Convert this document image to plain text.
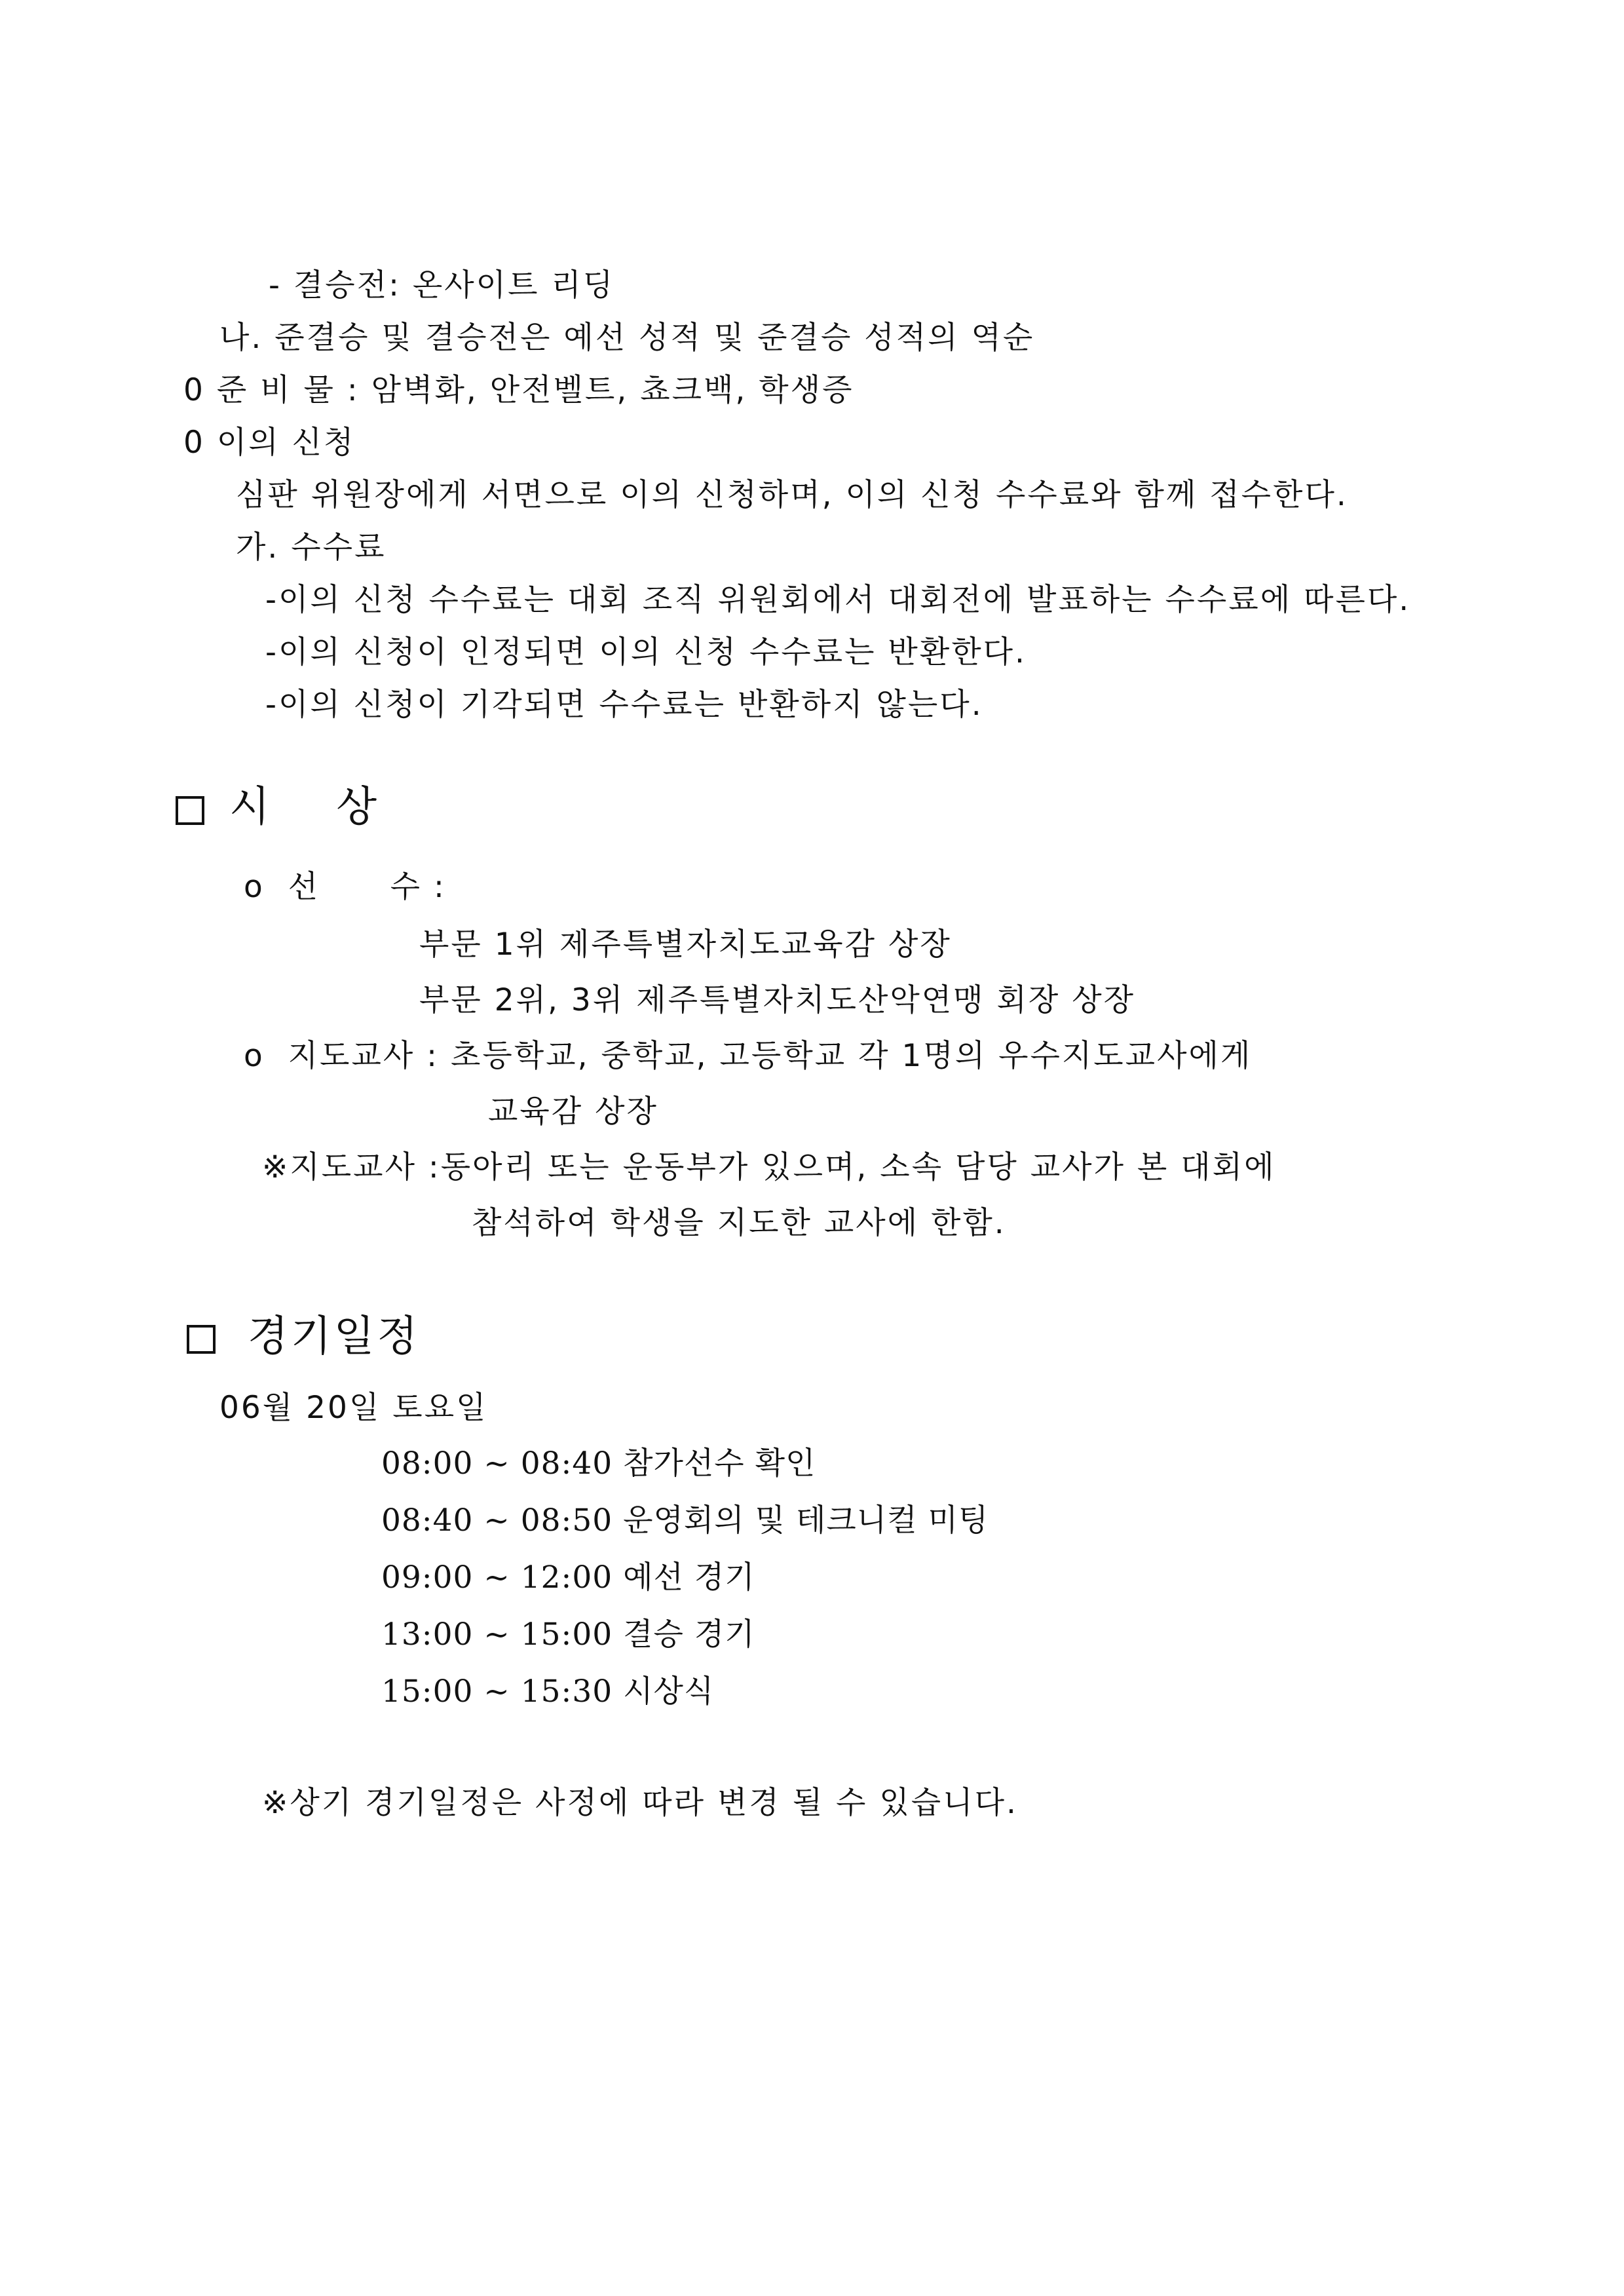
- 결승전: 온사이트 리딩
나. 준결승 및 결승전은 예선 성적 및 준결승 성적의 역순
0 준 비 물 : 암벽화, 안전벨트, 쵸크백, 학생증
0 이의 신청
심판 위원장에게 서면으로 이의 신청하며, 이의 신청 수수료와 함께 접수한다.
가. 수수료
-이의 신청 수수료는 대회 조직 위원회에서 대회전에 발표하는 수수료에 따른다.
-이의 신청이 인정되면 이의 신청 수수료는 반환한다.
-이의 신청이 기각되면 수수료는 반환하지 않는다.
시    상
o  선      수 :
부문 1위 제주특별자치도교육감 상장
부문 2위, 3위 제주특별자치도산악연맹 회장 상장
o  지도교사 : 초등학교, 중학교, 고등학교 각 1명의 우수지도교사에게
교육감 상장
※지도교사 :동아리 또는 운동부가 있으며, 소속 담당 교사가 본 대회에
참석하여 학생을 지도한 교사에 한함.
경기일정
06월 20일 토요일
08:00 ~ 08:40 참가선수 확인
08:40 ~ 08:50 운영회의 및 테크니컬 미팅
09:00 ~ 12:00 예선 경기
13:00 ~ 15:00 결승 경기
15:00 ~ 15:30 시상식
※상기 경기일정은 사정에 따라 변경 될 수 있습니다.
